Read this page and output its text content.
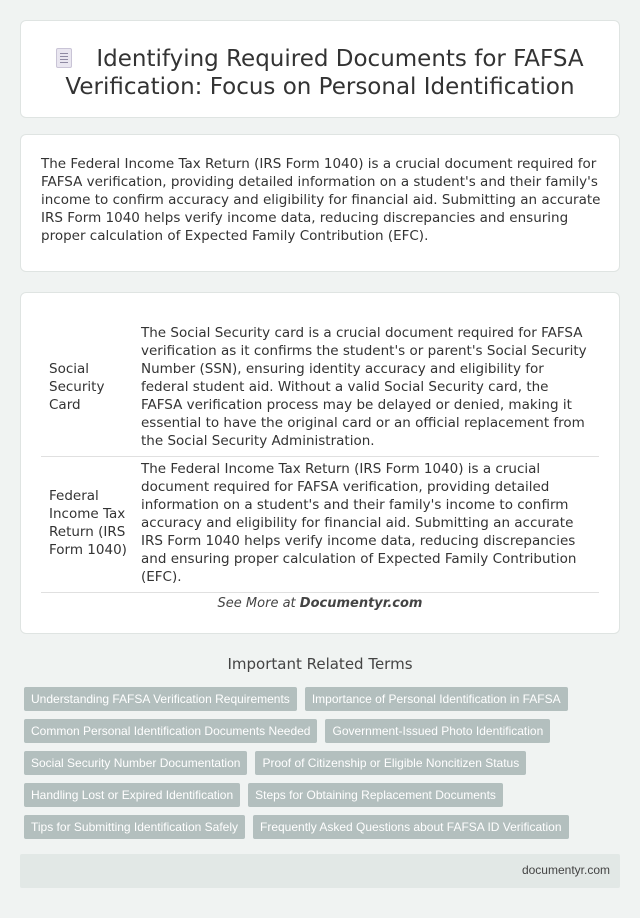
Identifying Required Documents for FAFSA
Verification: Focus on Personal Identification

The Federal Income Tax Return (IRS Form 1040) is a crucial document required for FAFSA verification, providing detailed information on a student's and their family's income to confirm accuracy and eligibility for financial aid. Submitting an accurate IRS Form 1040 helps verify income data, reducing discrepancies and ensuring proper calculation of Expected Family Contribution (EFC).

Social Security Card	The Social Security card is a crucial document required for FAFSA verification as it confirms the student's or parent's Social Security Number (SSN), ensuring identity accuracy and eligibility for federal student aid. Without a valid Social Security card, the FAFSA verification process may be delayed or denied, making it essential to have the original card or an official replacement from the Social Security Administration.
Federal Income Tax Return (IRS Form 1040)	The Federal Income Tax Return (IRS Form 1040) is a crucial document required for FAFSA verification, providing detailed information on a student's and their family's income to confirm accuracy and eligibility for financial aid. Submitting an accurate IRS Form 1040 helps verify income data, reducing discrepancies and ensuring proper calculation of Expected Family Contribution (EFC).
See More at Documentyr.com
Important Related Terms
Understanding FAFSA Verification Requirements	Importance of Personal Identification in FAFSA
Common Personal Identification Documents Needed	Government-Issued Photo Identification
Social Security Number Documentation	Proof of Citizenship or Eligible Noncitizen Status
Handling Lost or Expired Identification	Steps for Obtaining Replacement Documents
Tips for Submitting Identification Safely	Frequently Asked Questions about FAFSA ID Verification
documentyr.com
